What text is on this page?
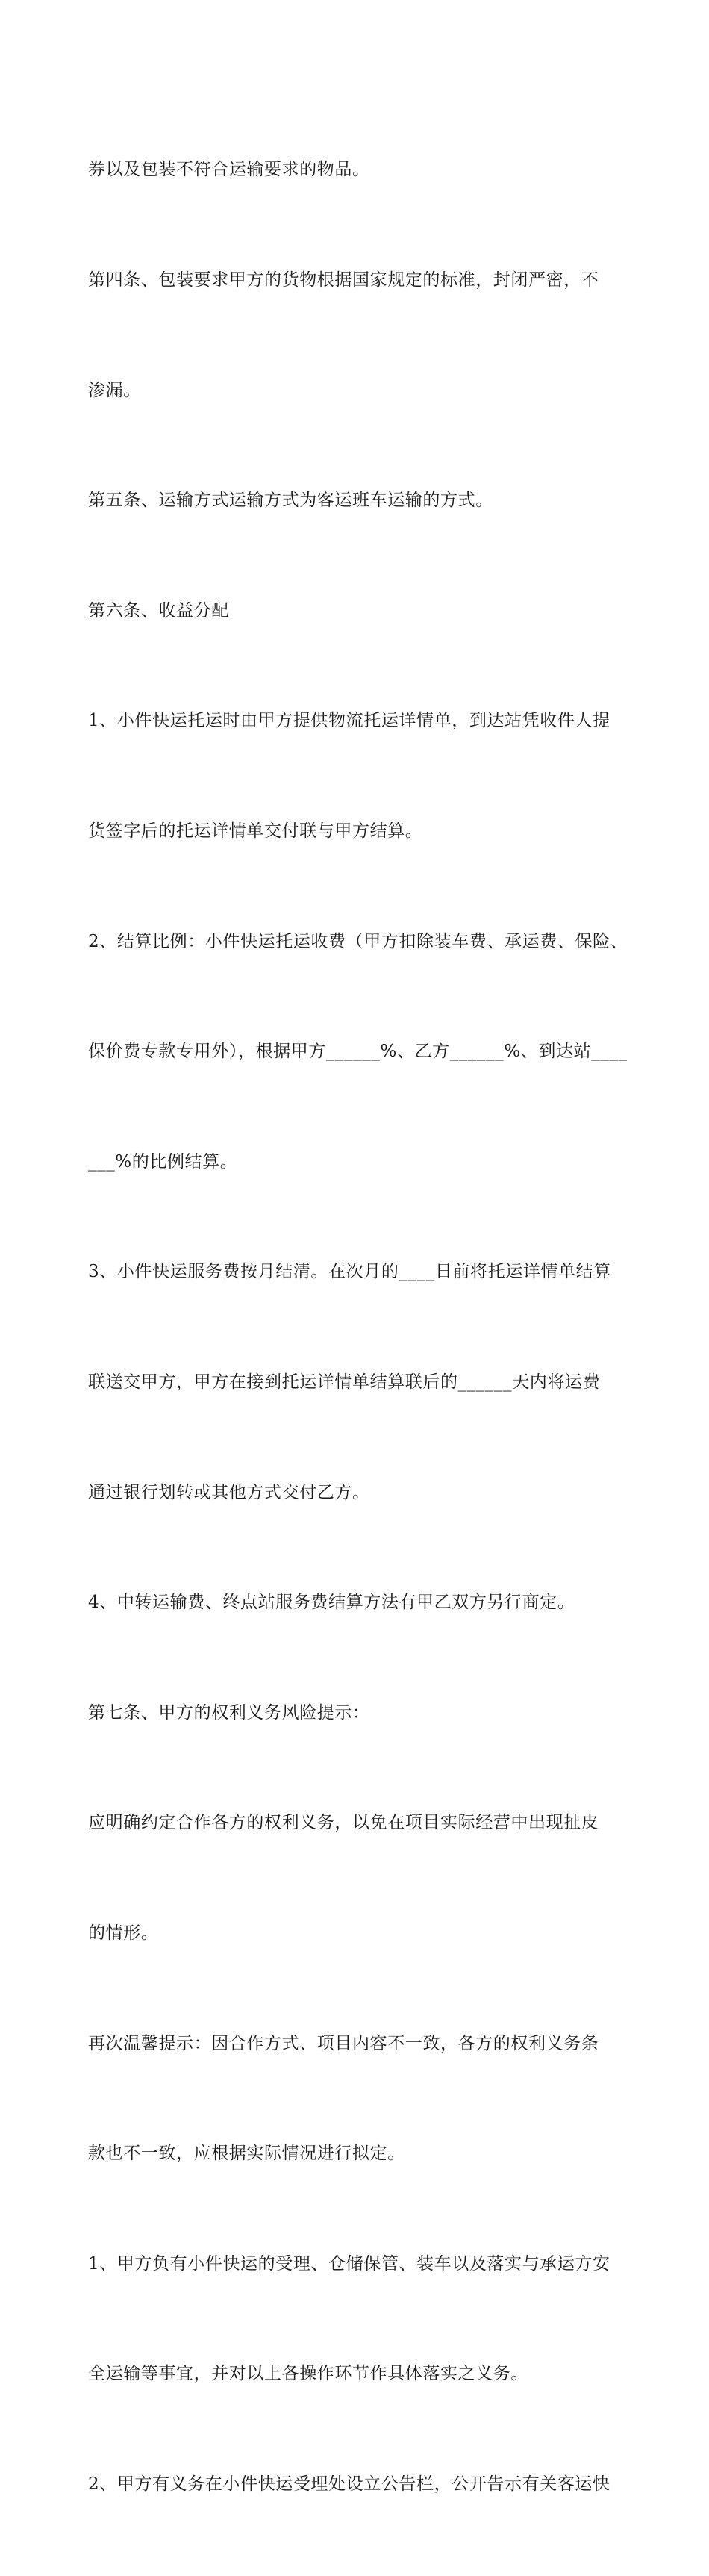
券以及包装不符合运输要求的物品。

第四条、包装要求甲方的货物根据国家规定的标准，封闭严密，不

渗漏。

第五条、运输方式运输方式为客运班车运输的方式。

第六条、收益分配

1、小件快运托运时由甲方提供物流托运详情单，到达站凭收件人提

货签字后的托运详情单交付联与甲方结算。

2、结算比例：小件快运托运收费（甲方扣除装车费、承运费、保险、

保价费专款专用外），根据甲方______%、乙方______%、到达站____

___%的比例结算。

3、小件快运服务费按月结清。在次月的____日前将托运详情单结算

联送交甲方，甲方在接到托运详情单结算联后的______天内将运费

通过银行划转或其他方式交付乙方。

4、中转运输费、终点站服务费结算方法有甲乙双方另行商定。

第七条、甲方的权利义务风险提示：

应明确约定合作各方的权利义务，以免在项目实际经营中出现扯皮

的情形。

再次温馨提示：因合作方式、项目内容不一致，各方的权利义务条

款也不一致，应根据实际情况进行拟定。

1、甲方负有小件快运的受理、仓储保管、装车以及落实与承运方安

全运输等事宜，并对以上各操作环节作具体落实之义务。

2、甲方有义务在小件快运受理处设立公告栏，公开告示有关客运快
